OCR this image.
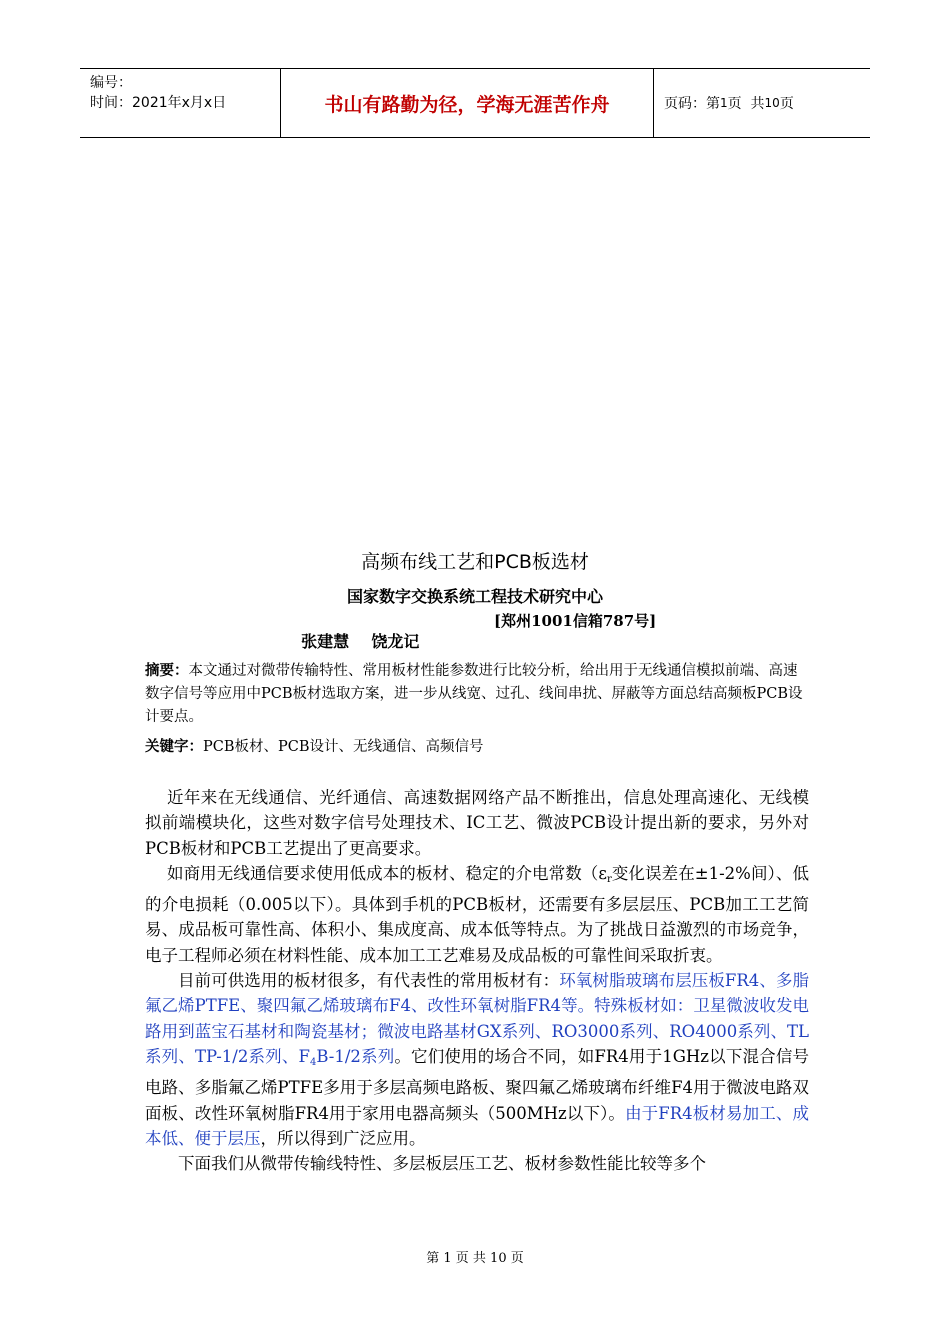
编号：
时间：2021年x月x日	书山有路勤为径，学海无涯苦作舟	页码：第 1 页  共 10 页
高频布线工艺和PCB板选材
国家数字交换系统工程技术研究中心

张建慧    饶龙记

[郑州1001信箱787号]

摘要：本文通过对微带传输特性、常用板材性能参数进行比较分析，给出用于无线通信模拟前端、高速数字信号等应用中PCB板材选取方案，进一步从线宽、过孔、线间串扰、屏蔽等方面总结高频板PCB设计要点。
关键字：PCB板材、PCB设计、无线通信、高频信号

近年来在无线通信、光纤通信、高速数据网络产品不断推出，信息处理高速化、无线模拟前端模块化，这些对数字信号处理技术、IC工艺、微波PCB设计提出新的要求，另外对PCB板材和PCB工艺提出了更高要求。

如商用无线通信要求使用低成本的板材、稳定的介电常数（$\varepsilon_r$变化误差在±1-2%间）、低的介电损耗（0.005以下）。具体到手机的PCB板材，还需要有多层层压、PCB加工工艺简易、成品板可靠性高、体积小、集成度高、成本低等特点。为了挑战日益激烈的市场竞争，电子工程师必须在材料性能、成本加工工艺难易及成品板的可靠性间采取折衷。

目前可供选用的板材很多，有代表性的常用板材有：环氧树脂玻璃布层压板FR4、多脂氟乙烯PTFE、聚四氟乙烯玻璃布F4、改性环氧树脂FR4等。特殊板材如：卫星微波收发电路用到蓝宝石基材和陶瓷基材；微波电路基材GX系列、RO3000系列、RO4000系列、TL系列、TP-1/2系列、$F_4B-1/2$系列。它们使用的场合不同，如FR4用于1GHz以下混合信号电路、多脂氟乙烯PTFE多用于多层高频电路板、聚四氟乙烯玻璃布纤维F4用于微波电路双面板、改性环氧树脂FR4用于家用电器高频头（500MHz以下）。由于FR4板材易加工、成本低、便于层压，所以得到广泛应用。

下面我们从微带传输线特性、多层板层压工艺、板材参数性能比较等多个

第 1 页 共 10 页
